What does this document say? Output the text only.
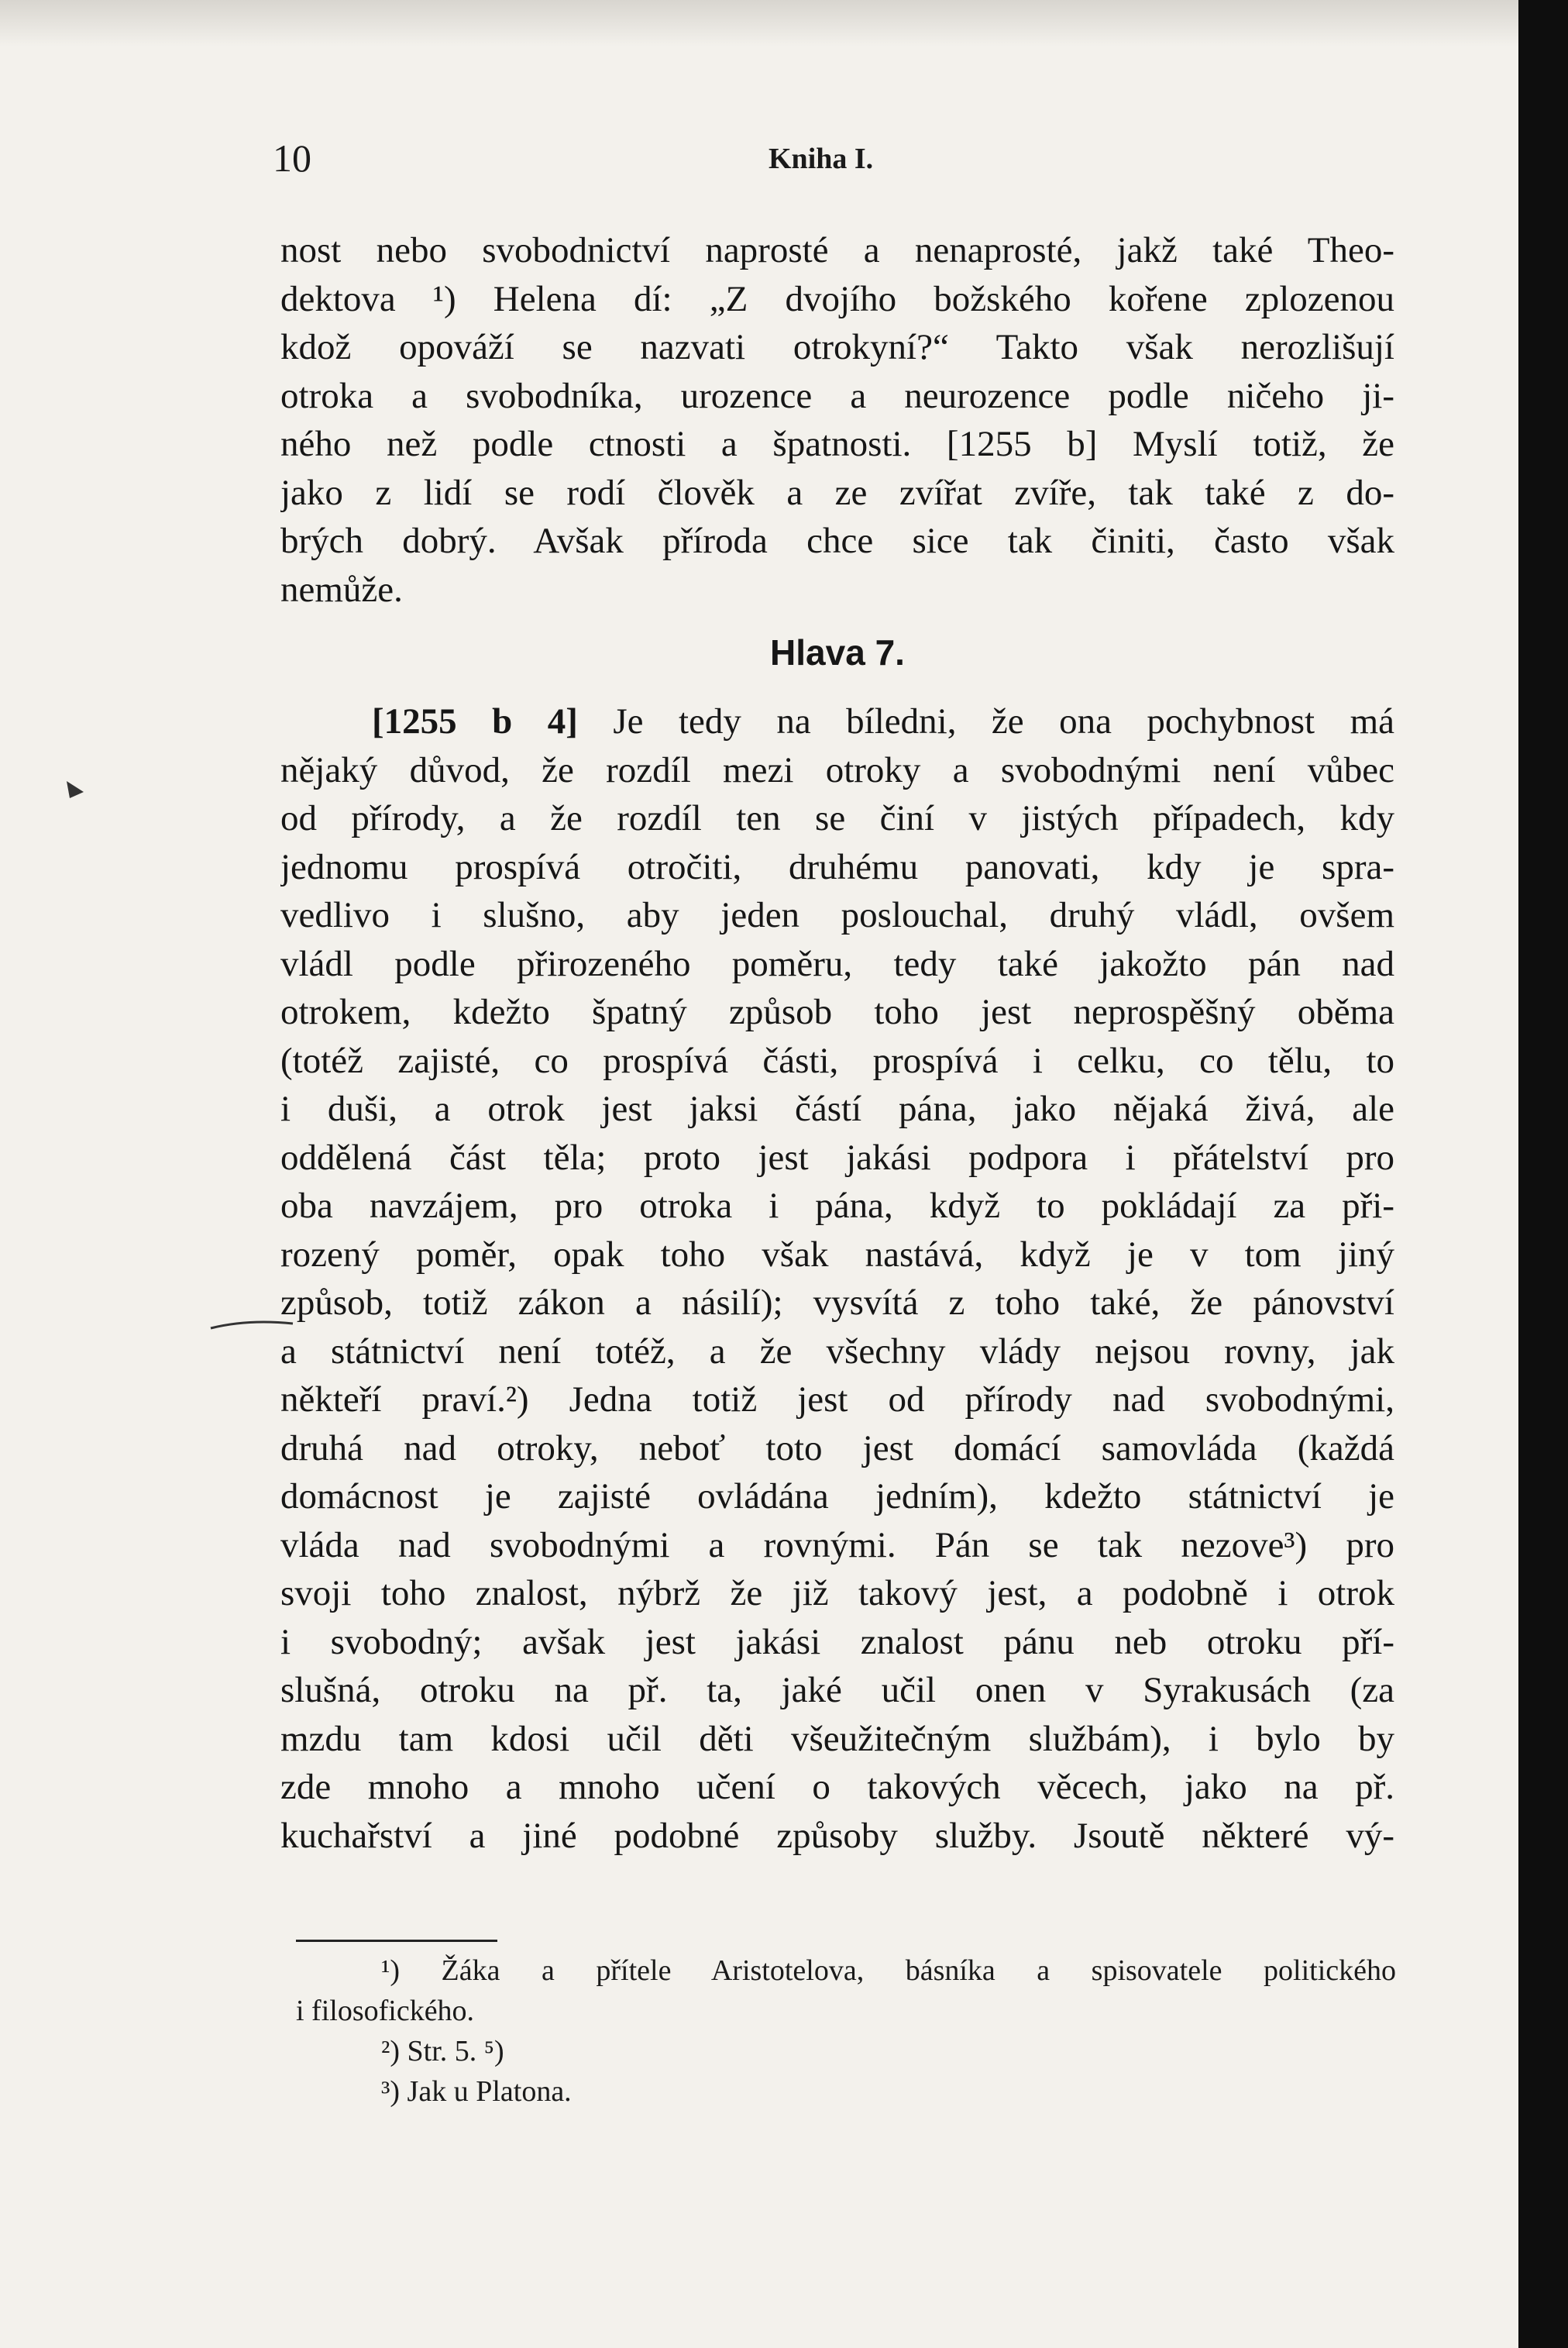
10	Kniha I.
nost nebo svobodnictví naprosté a nenaprosté, jakž také Theo-
dektova ¹) Helena dí: „Z dvojího božského kořene zplozenou
kdož opováží se nazvati otrokyní?“ Takto však nerozlišují
otroka a svobodníka, urozence a neurozence podle ničeho ji-
ného než podle ctnosti a špatnosti. [1255 b] Myslí totiž, že
jako z lidí se rodí člověk a ze zvířat zvíře, tak také z do-
brých dobrý. Avšak příroda chce sice tak činiti, často však
nemůže.
Hlava 7.
[1255 b 4] Je tedy na bíledni, že ona pochybnost má
nějaký důvod, že rozdíl mezi otroky a svobodnými není vůbec
od přírody, a že rozdíl ten se činí v jistých případech, kdy
jednomu prospívá otročiti, druhému panovati, kdy je spra-
vedlivo i slušno, aby jeden poslouchal, druhý vládl, ovšem
vládl podle přirozeného poměru, tedy také jakožto pán nad
otrokem, kdežto špatný způsob toho jest neprospěšný oběma
(totéž zajisté, co prospívá části, prospívá i celku, co tělu, to
i duši, a otrok jest jaksi částí pána, jako nějaká živá, ale
oddělená část těla; proto jest jakási podpora i přátelství pro
oba navzájem, pro otroka i pána, když to pokládají za při-
rozený poměr, opak toho však nastává, když je v tom jiný
způsob, totiž zákon a násilí); vysvítá z toho také, že pánovství
a státnictví není totéž, a že všechny vlády nejsou rovny, jak
někteří praví.²) Jedna totiž jest od přírody nad svobodnými,
druhá nad otroky, neboť toto jest domácí samovláda (každá
domácnost je zajisté ovládána jedním), kdežto státnictví je
vláda nad svobodnými a rovnými. Pán se tak nezove³) pro
svoji toho znalost, nýbrž že již takový jest, a podobně i otrok
i svobodný; avšak jest jakási znalost pánu neb otroku pří-
slušná, otroku na př. ta, jaké učil onen v Syrakusách (za
mzdu tam kdosi učil děti všeužitečným službám), i bylo by
zde mnoho a mnoho učení o takových věcech, jako na př.
kuchařství a jiné podobné způsoby služby. Jsoutě některé vý-
¹) Žáka a přítele Aristotelova, básníka a spisovatele politického
i filosofického.
²) Str. 5. ⁵)
³) Jak u Platona.
